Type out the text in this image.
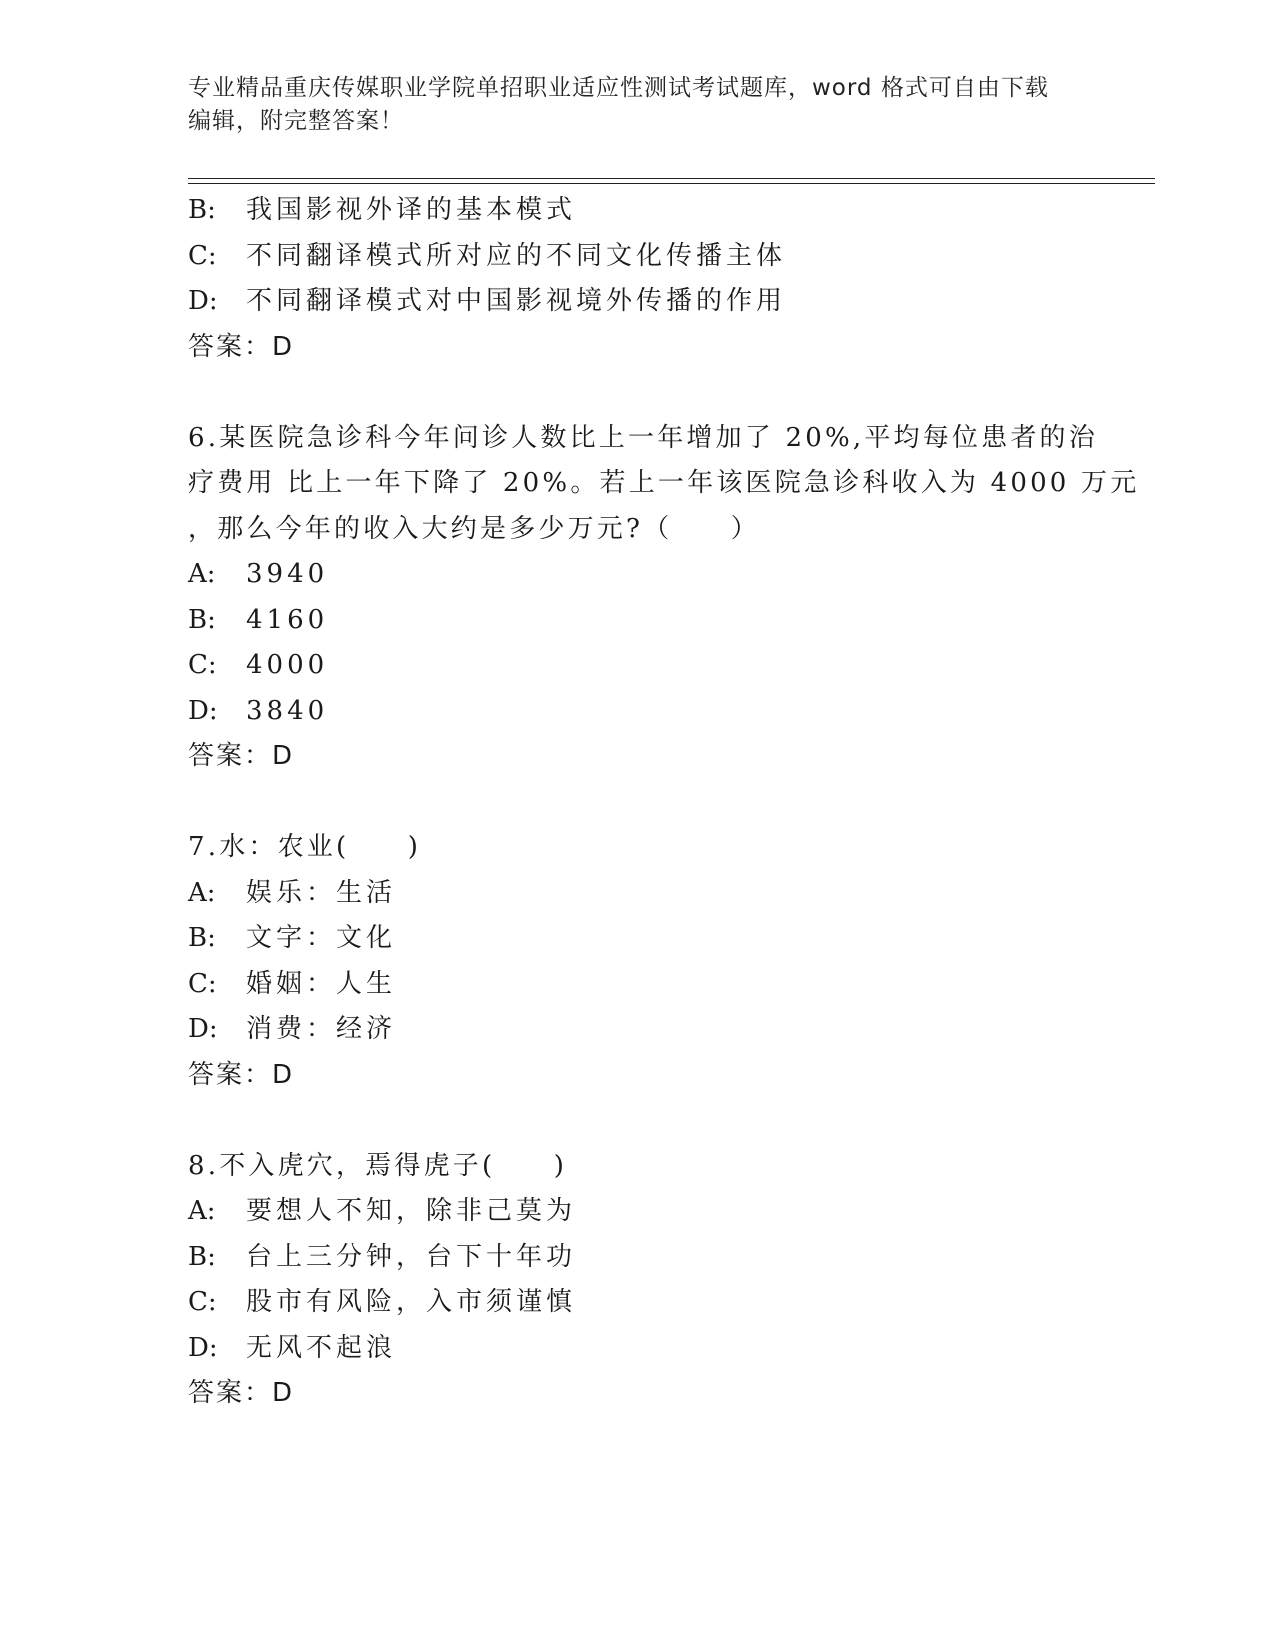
专业精品重庆传媒职业学院单招职业适应性测试考试题库，word 格式可自由下载
编辑，附完整答案！
B: 我国影视外译的基本模式
C: 不同翻译模式所对应的不同文化传播主体
D: 不同翻译模式对中国影视境外传播的作用
答案：D
6.某医院急诊科今年问诊人数比上一年增加了 20%,平均每位患者的治
疗费用 比上一年下降了 20%。若上一年该医院急诊科收入为 4000 万元
，那么今年的收入大约是多少万元?（　　）
A: 3940
B: 4160
C: 4000
D: 3840
答案：D
7.水：农业(　　)
A: 娱乐：生活
B: 文字：文化
C: 婚姻：人生
D: 消费：经济
答案：D
8.不入虎穴，焉得虎子(　　)
A: 要想人不知，除非己莫为
B: 台上三分钟，台下十年功
C: 股市有风险，入市须谨慎
D: 无风不起浪
答案：D
